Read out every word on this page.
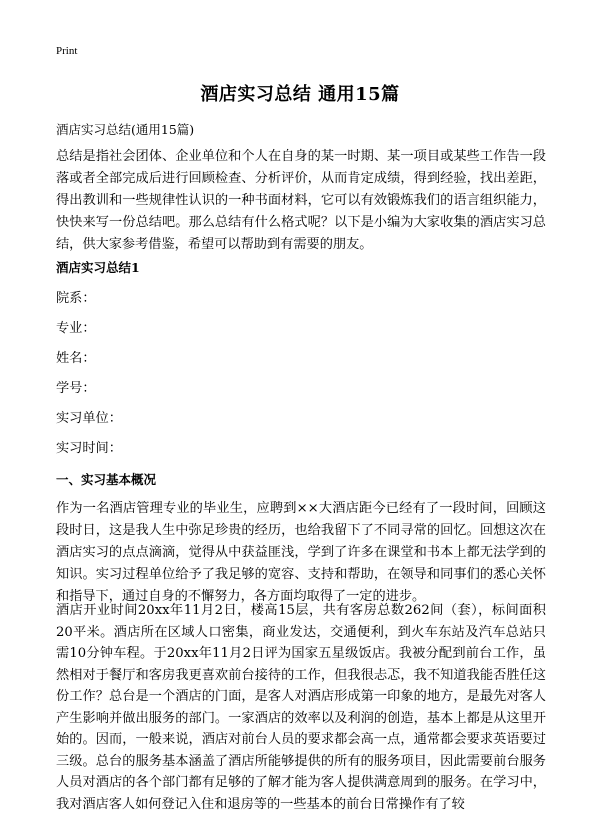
Print
酒店实习总结 通用15篇
酒店实习总结(通用15篇)

总结是指社会团体、企业单位和个人在自身的某一时期、某一项目或某些工作告一段落或者全部完成后进行回顾检查、分析评价，从而肯定成绩，得到经验，找出差距，得出教训和一些规律性认识的一种书面材料，它可以有效锻炼我们的语言组织能力，快快来写一份总结吧。那么总结有什么格式呢？以下是小编为大家收集的酒店实习总结，供大家参考借鉴，希望可以帮助到有需要的朋友。

酒店实习总结1
院系：
专业：
姓名：
学号：
实习单位：
实习时间：
一、实习基本概况

作为一名酒店管理专业的毕业生，应聘到××大酒店距今已经有了一段时间，回顾这段时日，这是我人生中弥足珍贵的经历，也给我留下了不同寻常的回忆。回想这次在酒店实习的点点滴滴，觉得从中获益匪浅，学到了许多在课堂和书本上都无法学到的知识。实习过程单位给予了我足够的宽容、支持和帮助，在领导和同事们的悉心关怀和指导下，通过自身的不懈努力，各方面均取得了一定的进步。

酒店开业时间20xx年11月2日，楼高15层，共有客房总数262间（套），标间面积20平米。酒店所在区域人口密集，商业发达，交通便利，到火车东站及汽车总站只需10分钟车程。于20xx年11月2日评为国家五星级饭店。我被分配到前台工作，虽然相对于餐厅和客房我更喜欢前台接待的工作，但我很忐忑，我不知道我能否胜任这份工作？总台是一个酒店的门面，是客人对酒店形成第一印象的地方，是最先对客人产生影响并做出服务的部门。一家酒店的效率以及利润的创造，基本上都是从这里开始的。因而，一般来说，酒店对前台人员的要求都会高一点，通常都会要求英语要过三级。总台的服务基本涵盖了酒店所能够提供的所有的服务项目，因此需要前台服务人员对酒店的各个部门都有足够的了解才能为客人提供满意周到的服务。在学习中，我对酒店客人如何登记入住和退房等的一些基本的前台日常操作有了较
